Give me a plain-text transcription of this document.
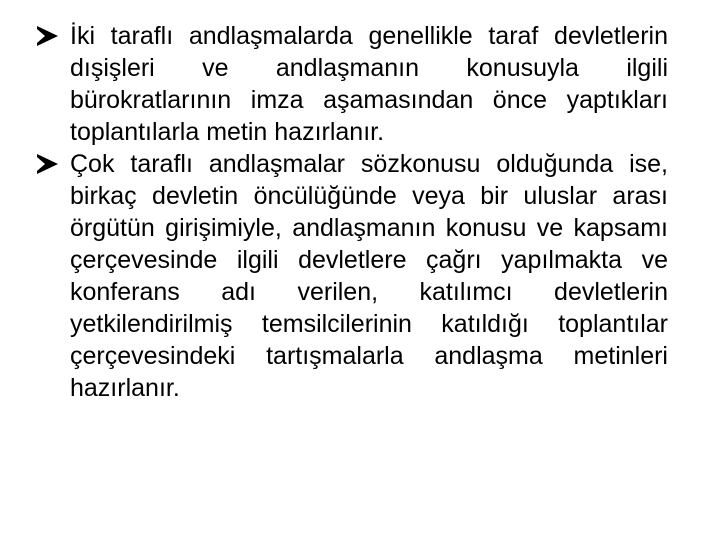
İki taraflı andlaşmalarda genellikle taraf devletlerin dışişleri ve andlaşmanın konusuyla ilgili bürokratlarının imza aşamasından önce yaptıkları toplantılarla metin hazırlanır.
Çok taraflı andlaşmalar sözkonusu olduğunda ise, birkaç devletin öncülüğünde veya bir uluslar arası örgütün girişimiyle, andlaşmanın konusu ve kapsamı çerçevesinde ilgili devletlere çağrı yapılmakta ve konferans adı verilen, katılımcı devletlerin yetkilendirilmiş temsilcilerinin katıldığı toplantılar çerçevesindeki tartışmalarla andlaşma metinleri hazırlanır.
